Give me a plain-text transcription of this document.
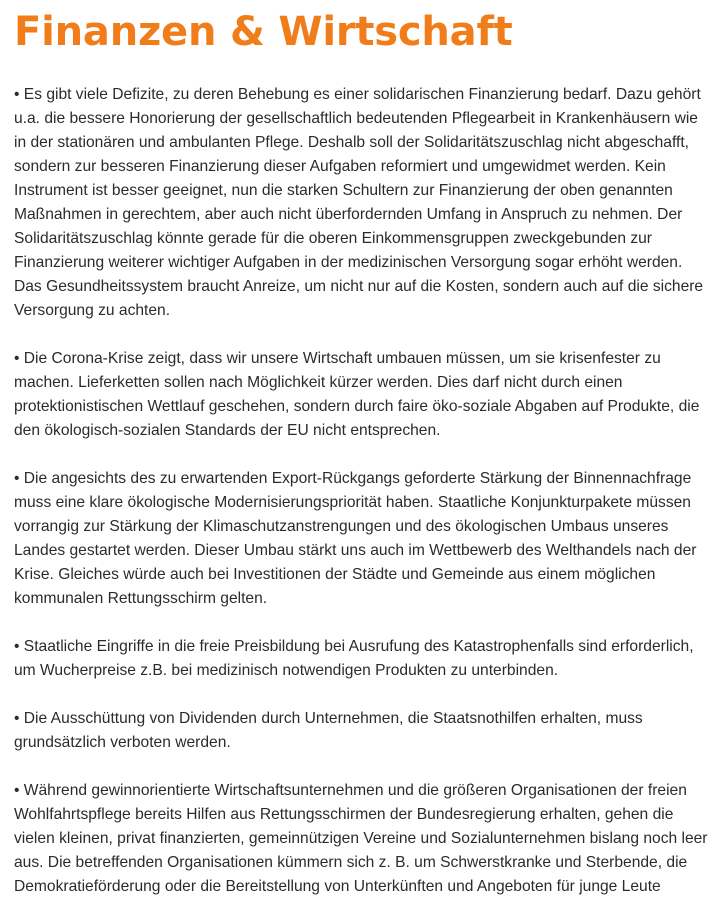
Finanzen & Wirtschaft

• Es gibt viele Defizite, zu deren Behebung es einer solidarischen Finanzierung bedarf. Dazu gehört u.a. die bessere Honorierung der gesellschaftlich bedeutenden Pflegearbeit in Krankenhäusern wie in der stationären und ambulanten Pflege. Deshalb soll der Solidaritätszuschlag nicht abgeschafft, sondern zur besseren Finanzierung dieser Aufgaben reformiert und umgewidmet werden. Kein Instrument ist besser geeignet, nun die starken Schultern zur Finanzierung der oben genannten Maßnahmen in gerechtem, aber auch nicht überfordernden Umfang in Anspruch zu nehmen. Der Solidaritätszuschlag könnte gerade für die oberen Einkommensgruppen zweckgebunden zur Finanzierung weiterer wichtiger Aufgaben in der medizinischen Versorgung sogar erhöht werden. Das Gesundheitssystem braucht Anreize, um nicht nur auf die Kosten, sondern auch auf die sichere Versorgung zu achten.

• Die Corona-Krise zeigt, dass wir unsere Wirtschaft umbauen müssen, um sie krisenfester zu machen. Lieferketten sollen nach Möglichkeit kürzer werden. Dies darf nicht durch einen protektionistischen Wettlauf geschehen, sondern durch faire öko-soziale Abgaben auf Produkte, die den ökologisch-sozialen Standards der EU nicht entsprechen.

• Die angesichts des zu erwartenden Export-Rückgangs geforderte Stärkung der Binnennachfrage muss eine klare ökologische Modernisierungspriorität haben. Staatliche Konjunkturpakete müssen vorrangig zur Stärkung der Klimaschutzanstrengungen und des ökologischen Umbaus unseres Landes gestartet werden. Dieser Umbau stärkt uns auch im Wettbewerb des Welthandels nach der Krise. Gleiches würde auch bei Investitionen der Städte und Gemeinde aus einem möglichen kommunalen Rettungsschirm gelten.

• Staatliche Eingriffe in die freie Preisbildung bei Ausrufung des Katastrophenfalls sind erforderlich, um Wucherpreise z.B. bei medizinisch notwendigen Produkten zu unterbinden.

• Die Ausschüttung von Dividenden durch Unternehmen, die Staatsnothilfen erhalten, muss grundsätzlich verboten werden.

• Während gewinnorientierte Wirtschaftsunternehmen und die größeren Organisationen der freien Wohlfahrtspflege bereits Hilfen aus Rettungsschirmen der Bundesregierung erhalten, gehen die vielen kleinen, privat finanzierten, gemeinnützigen Vereine und Sozialunternehmen bislang noch leer aus. Die betreffenden Organisationen kümmern sich z. B. um Schwerstkranke und Sterbende, die Demokratieförderung oder die Bereitstellung von Unterkünften und Angeboten für junge Leute
